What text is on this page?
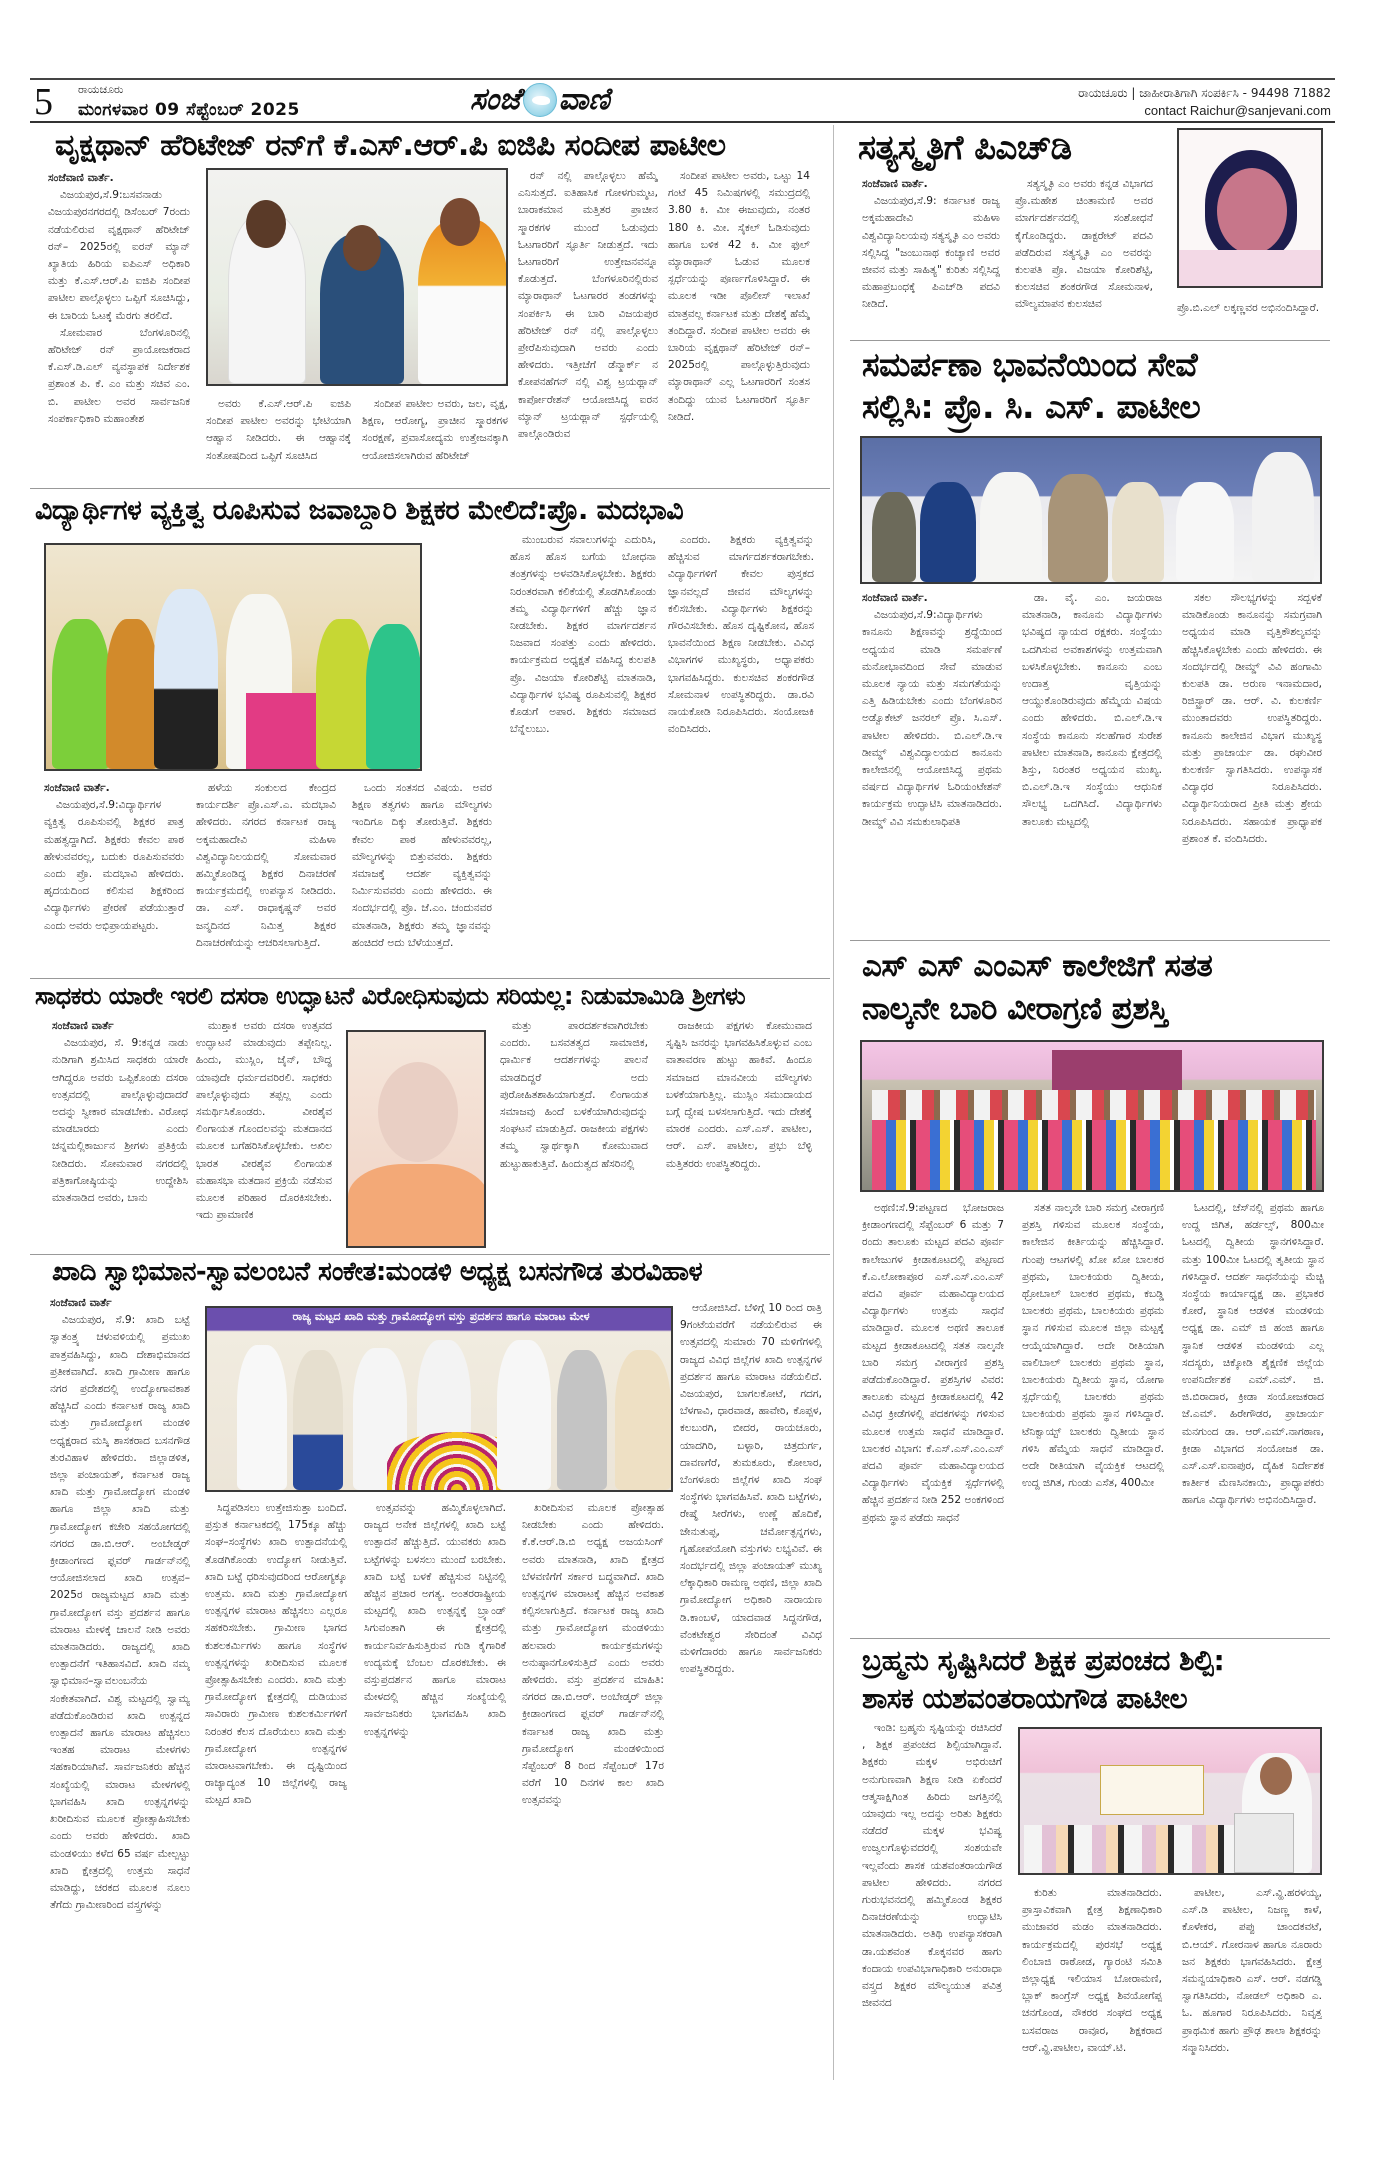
5 ರಾಯಚೂರು
ಮಂಗಳವಾರ 09 ಸೆಪ್ಟೆಂಬರ್ 2025	ಸಂಜೆ ವಾಣಿ	ರಾಯಚೂರು | ಜಾಹೀರಾತಿಗಾಗಿ ಸಂಪರ್ಕಿಸಿ - 94498 71882
contact Raichur@sanjevani.com
ವೃಕ್ಷಥಾನ್ ಹೆರಿಟೇಜ್ ರನ್‌ಗೆ ಕೆ.ಎಸ್.ಆರ್.ಪಿ ಐಜಿಪಿ ಸಂದೀಪ ಪಾಟೀಲ
ಸಂಜೆವಾಣಿ ವಾರ್ತೆ.

ವಿಜಯಪುರ,ಸೆ.9:ಬಸವನಾಡು ವಿಜಯಪುರನಗರದಲ್ಲಿ ಡಿಸೆಂಬರ್ 7ರಂದು ನಡೆಯಲಿರುವ ವೃಕ್ಷಥಾನ್ ಹೆರಿಟೇಜ್ ರನ್– 2025ರಲ್ಲಿ ಐರನ್ ಮ್ಯಾನ್ ಖ್ಯಾತಿಯ ಹಿರಿಯ ಐಪಿಎಸ್ ಅಧಿಕಾರಿ ಮತ್ತು ಕೆ.ಎಸ್.ಆರ್.ಪಿ ಐಜಿಪಿ ಸಂದೀಪ ಪಾಟೀಲ ಪಾಲ್ಗೊಳ್ಳಲು ಒಪ್ಪಿಗೆ ಸೂಚಿಸಿದ್ದು, ಈ ಬಾರಿಯ ಓಟಕ್ಕೆ ಮೆರಗು ತರಲಿದೆ.

ಸೋಮವಾರ ಬೆಂಗಳೂರಿನಲ್ಲಿ ಹೆರಿಟೇಜ್ ರನ್ ಪ್ರಾಯೋಜಕರಾದ ಕೆ.ಎಸ್.ಡಿ.ಎಲ್ ವ್ಯವಸ್ಥಾಪಕ ನಿರ್ದೇಶಕ ಪ್ರಶಾಂತ ಪಿ. ಕೆ. ಎಂ ಮತ್ತು ಸಚಿವ ಎಂ. ಬಿ. ಪಾಟೀಲ ಅವರ ಸಾರ್ವಜನಿಕ ಸಂಪರ್ಕಾಧಿಕಾರಿ ಮಹಾಂತೇಶ

ಅವರು ಕೆ.ಎಸ್.ಆರ್.ಪಿ ಐಜಿಪಿ ಸಂದೀಪ ಪಾಟೀಲ ಅವರನ್ನು ಭೇಟಿಯಾಗಿ ಆಹ್ವಾನ ನೀಡಿದರು. ಈ ಆಹ್ವಾನಕ್ಕೆ ಸಂತೋಷದಿಂದ ಒಪ್ಪಿಗೆ ಸೂಚಿಸಿದ

ಸಂದೀಪ ಪಾಟೀಲ ಅವರು, ಜಲ, ವೃಕ್ಷ, ಶಿಕ್ಷಣ, ಆರೋಗ್ಯ, ಪ್ರಾಚೀನ ಸ್ಮಾರಕಗಳ ಸಂರಕ್ಷಣೆ, ಪ್ರವಾಸೋದ್ಯಮ ಉತ್ತೇಜನಕ್ಕಾಗಿ ಆಯೋಜಿಸಲಾಗಿರುವ ಹೆರಿಟೇಜ್

ರನ್ ನಲ್ಲಿ ಪಾಲ್ಗೊಳ್ಳಲು ಹೆಮ್ಮೆ ಎನಿಸುತ್ತದೆ. ಐತಿಹಾಸಿಕ ಗೋಳಗುಮ್ಮಟ, ಬಾರಾಕಮಾನ ಮತ್ತಿತರ ಪ್ರಾಚೀನ ಸ್ಮಾರಕಗಳ ಮುಂದೆ ಓಡುವುದು ಓಟಗಾರರಿಗೆ ಸ್ಫೂರ್ತಿ ನೀಡುತ್ತದೆ. ಇದು ಓಟಗಾರರಿಗೆ ಉತ್ತೇಜನವನ್ನೂ ಕೊಡುತ್ತದೆ. ಬೆಂಗಳೂರಿನಲ್ಲಿರುವ ಮ್ಯಾರಾಥಾನ್ ಓಟಗಾರರ ತಂಡಗಳನ್ನು ಸಂಪರ್ಕಿಸಿ ಈ ಬಾರಿ ವಿಜಯಪುರ ಹೆರಿಟೇಜ್ ರನ್ ನಲ್ಲಿ ಪಾಲ್ಗೊಳ್ಳಲು ಪ್ರೇರೆಪಿಸುವುದಾಗಿ ಅವರು ಎಂದು ಹೇಳಿದರು. ಇತ್ತೀಚೆಗೆ ಡೆನ್ಮಾರ್ಕ್ ನ ಕೋಪನಹೆಗನ್ ನಲ್ಲಿ ವಿಶ್ವ ಟ್ರಯಥ್ಲಾನ್ ಕಾರ್ಪೋರೇಶನ್ ಆಯೋಜಿಸಿದ್ದ ಐರನ ಮ್ಯಾನ್ ಟ್ರಯಥ್ಲಾನ್ ಸ್ಪರ್ಧೆಯಲ್ಲಿ ಪಾಲ್ಗೊಂಡಿರುವ

ಸಂದೀಪ ಪಾಟೀಲ ಅವರು, ಒಟ್ಟು 14 ಗಂಟೆ 45 ನಿಮಿಷಗಳಲ್ಲಿ ಸಮುದ್ರದಲ್ಲಿ 3.80 ಕಿ. ಮೀ ಈಜುವುದು, ನಂತರ 180 ಕಿ. ಮೀ. ಸೈಕಲ್ ಓಡಿಸುವುದು ಹಾಗೂ ಬಳಿಕ 42 ಕಿ. ಮೀ ಫುಲ್ ಮ್ಯಾರಾಥಾನ್ ಓಡುವ ಮೂಲಕ ಸ್ಪರ್ಧೆಯನ್ನು ಪೂರ್ಣಗೊಳಿಸಿದ್ದಾರೆ. ಈ ಮೂಲಕ ಇಡೀ ಪೊಲೀಸ್ ಇಲಾಖೆ ಮಾತ್ರವಲ್ಲ ಕರ್ನಾಟಕ ಮತ್ತು ದೇಶಕ್ಕೆ ಹೆಮ್ಮೆ ತಂದಿದ್ದಾರೆ. ಸಂದೀಪ ಪಾಟೀಲ ಅವರು ಈ ಬಾರಿಯ ವೃಕ್ಷಥಾನ್ ಹೆರಿಟೇಜ್ ರನ್– 2025ರಲ್ಲಿ ಪಾಲ್ಗೊಳ್ಳುತ್ತಿರುವುದು ಮ್ಯಾರಾಥಾನ್ ಎಲ್ಲ ಓಟಗಾರರಿಗೆ ಸಂತಸ ತಂದಿದ್ದು ಯುವ ಓಟಗಾರರಿಗೆ ಸ್ಫೂರ್ತಿ ನೀಡಿದೆ.

ಸತ್ಯಸ್ಮೃತಿಗೆ ಪಿಎಚ್‌ಡಿ
ಸಂಜೆವಾಣಿ ವಾರ್ತೆ.

ವಿಜಯಪುರ,ಸೆ.9: ಕರ್ನಾಟಕ ರಾಜ್ಯ ಅಕ್ಕಮಹಾದೇವಿ ಮಹಿಳಾ ವಿಶ್ವವಿದ್ಯಾನಿಲಯವು ಸತ್ಯಸ್ಮೃತಿ ಎಂ ಅವರು ಸಲ್ಲಿಸಿದ್ದ "ಜಂಬುನಾಥ ಕಂಚ್ಯಾಣಿ ಅವರ ಜೀವನ ಮತ್ತು ಸಾಹಿತ್ಯ" ಕುರಿತು ಸಲ್ಲಿಸಿದ್ದ ಮಹಾಪ್ರಬಂಧಕ್ಕೆ ಪಿಎಚ್‌ಡಿ ಪದವಿ ನೀಡಿದೆ.

ಸತ್ಯಸ್ಮೃತಿ ಎಂ ಅವರು ಕನ್ನಡ ವಿಭಾಗದ ಪ್ರೊ.ಮಹೇಶ ಚಿಂತಾಮಣಿ ಅವರ ಮಾರ್ಗದರ್ಶನದಲ್ಲಿ ಸಂಶೋಧನೆ ಕೈಗೊಂಡಿದ್ದರು. ಡಾಕ್ಟರೇಟ್ ಪದವಿ ಪಡೆದಿರುವ ಸತ್ಯಸ್ಮೃತಿ ಎಂ ಅವರನ್ನು ಕುಲಪತಿ ಪ್ರೊ. ವಿಜಯಾ ಕೋರಿಶೆಟ್ಟಿ, ಕುಲಸಚಿವ ಶಂಕರಗೌಡ ಸೋಮನಾಳ, ಮೌಲ್ಯಮಾಪನ ಕುಲಸಚಿವ	ಪ್ರೊ.ಬಿ.ಎಲ್ ಲಕ್ಕಣ್ಣವರ ಅಭಿನಂದಿಸಿದ್ದಾರೆ.
ಸಮರ್ಪಣಾ ಭಾವನೆಯಿಂದ ಸೇವೆ
ಸಲ್ಲಿಸಿ: ಪ್ರೊ. ಸಿ. ಎಸ್. ಪಾಟೀಲ
ಸಂಜೆವಾಣಿ ವಾರ್ತೆ.

ವಿಜಯಪುರ,ಸೆ.9:ವಿದ್ಯಾರ್ಥಿಗಳು ಕಾನೂನು ಶಿಕ್ಷಣವನ್ನು ಶ್ರದ್ಧೆಯಿಂದ ಅಧ್ಯಯನ ಮಾಡಿ ಸಮರ್ಪಣೆ ಮನೋಭಾವದಿಂದ ಸೇವೆ ಮಾಡುವ ಮೂಲಕ ನ್ಯಾಯ ಮತ್ತು ಸಮಗತೆಯನ್ನು ಎತ್ತಿ ಹಿಡಿಯಬೇಕು ಎಂದು ಬೆಂಗಳೂರಿನ ಅಡ್ವೊಕೇಟ್ ಜನರಲ್ ಪ್ರೊ. ಸಿ.ಎಸ್. ಪಾಟೀಲ ಹೇಳಿದರು. ಬಿ.ಎಲ್.ಡಿ.ಇ ಡೀಮ್ಡ್ ವಿಶ್ವವಿದ್ಯಾಲಯದ ಕಾನೂನು ಕಾಲೇಜಿನಲ್ಲಿ ಆಯೋಜಿಸಿದ್ದ ಪ್ರಥಮ ವರ್ಷದ ವಿದ್ಯಾರ್ಥಿಗಳ ಓರಿಯಂಟೇಶನ್ ಕಾರ್ಯಕ್ರಮ ಉದ್ಘಾಟಿಸಿ ಮಾತನಾಡಿದರು. ಡೀಮ್ಡ್ ವಿವಿ ಸಮಕುಲಾಧಿಪತಿ

ಡಾ. ವೈ. ಎಂ. ಜಯರಾಜ ಮಾತನಾಡಿ, ಕಾನೂನು ವಿದ್ಯಾರ್ಥಿಗಳು ಭವಿಷ್ಯದ ನ್ಯಾಯದ ರಕ್ಷಕರು. ಸಂಸ್ಥೆಯು ಒದಗಿಸುವ ಅವಕಾಶಗಳನ್ನು ಉತ್ತಮವಾಗಿ ಬಳಸಿಕೊಳ್ಳಬೇಕು. ಕಾನೂನು ಎಂಬ ಉದಾತ್ತ ವೃತ್ತಿಯನ್ನು ಆಯ್ದುಕೊಂಡಿರುವುದು ಹೆಮ್ಮೆಯ ವಿಷಯ ಎಂದು ಹೇಳಿದರು. ಬಿ.ಎಲ್.ಡಿ.ಇ ಸಂಸ್ಥೆಯ ಕಾನೂನು ಸಲಹೆಗಾರ ಸುರೇಶ ಪಾಟೀಲ ಮಾತನಾಡಿ, ಕಾನೂನು ಕ್ಷೇತ್ರದಲ್ಲಿ ಶಿಸ್ತು, ನಿರಂತರ ಅಧ್ಯಯನ ಮುಖ್ಯ. ಬಿ.ಎಲ್.ಡಿ.ಇ ಸಂಸ್ಥೆಯು ಆಧುನಿಕ ಸೌಲಭ್ಯ ಒದಗಿಸಿದೆ. ವಿದ್ಯಾರ್ಥಿಗಳು ತಾಲೂಕು ಮಟ್ಟದಲ್ಲಿ

ಸಕಲ ಸೌಲಭ್ಯಗಳನ್ನು ಸದ್ಬಳಕೆ ಮಾಡಿಕೊಂಡು ಕಾನೂನನ್ನು ಸಮಗ್ರವಾಗಿ ಅಧ್ಯಯನ ಮಾಡಿ ವೃತ್ತಿಕೌಶಲ್ಯವನ್ನು ಹೆಚ್ಚಿಸಿಕೊಳ್ಳಬೇಕು ಎಂದು ಹೇಳಿದರು. ಈ ಸಂದರ್ಭದಲ್ಲಿ ಡೀಮ್ಡ್ ವಿವಿ ಹಂಗಾಮಿ ಕುಲಪತಿ ಡಾ. ಅರುಣ ಇನಾಮದಾರ, ರಿಜಿಸ್ಟ್ರಾರ್ ಡಾ. ಆರ್. ವಿ. ಕುಲಕರ್ಣಿ ಮುಂತಾದವರು ಉಪಸ್ಥಿತರಿದ್ದರು. ಕಾನೂನು ಕಾಲೇಜಿನ ವಿಭಾಗ ಮುಖ್ಯಸ್ಥ ಮತ್ತು ಪ್ರಾಚಾರ್ಯ ಡಾ. ರಘುವೀರ ಕುಲಕರ್ಣಿ ಸ್ವಾಗತಿಸಿದರು. ಉಪನ್ಯಾಸಕ ವಿದ್ಯಾಧರ ನಿರೂಪಿಸಿದರು. ವಿದ್ಯಾರ್ಥಿನಿಯರಾದ ಪ್ರೀತಿ ಮತ್ತು ಶ್ರೇಯ ನಿರೂಪಿಸಿದರು. ಸಹಾಯಕ ಪ್ರಾಧ್ಯಾಪಕ ಪ್ರಶಾಂತ ಕೆ. ವಂದಿಸಿದರು.

ವಿದ್ಯಾರ್ಥಿಗಳ ವ್ಯಕ್ತಿತ್ವ ರೂಪಿಸುವ ಜವಾಬ್ದಾರಿ ಶಿಕ್ಷಕರ ಮೇಲಿದೆ:ಪ್ರೊ. ಮದಭಾವಿ
ಸಂಜೆವಾಣಿ ವಾರ್ತೆ.

ವಿಜಯಪುರ,ಸೆ.9:ವಿದ್ಯಾರ್ಥಿಗಳ ವ್ಯಕ್ತಿತ್ವ ರೂಪಿಸುವಲ್ಲಿ ಶಿಕ್ಷಕರ ಪಾತ್ರ ಮಹತ್ವದ್ದಾಗಿದೆ. ಶಿಕ್ಷಕರು ಕೇವಲ ಪಾಠ ಹೇಳುವವರಲ್ಲ, ಬದುಕು ರೂಪಿಸುವವರು ಎಂದು ಪ್ರೊ. ಮದಭಾವಿ ಹೇಳಿದರು. ಹೃದಯದಿಂದ ಕಲಿಸುವ ಶಿಕ್ಷಕರಿಂದ ವಿದ್ಯಾರ್ಥಿಗಳು ಪ್ರೇರಣೆ ಪಡೆಯುತ್ತಾರೆ ಎಂದು ಅವರು ಅಭಿಪ್ರಾಯಪಟ್ಟರು.

ಹಳೆಯ ಸಂಕುಲದ ಕೇಂದ್ರದ ಕಾರ್ಯದರ್ಶಿ ಪ್ರೊ.ಎಸ್.ಎ. ಮದಭಾವಿ ಹೇಳಿದರು. ನಗರದ ಕರ್ನಾಟಕ ರಾಜ್ಯ ಅಕ್ಕಮಹಾದೇವಿ ಮಹಿಳಾ ವಿಶ್ವವಿದ್ಯಾನಿಲಯದಲ್ಲಿ ಸೋಮವಾರ ಹಮ್ಮಿಕೊಂಡಿದ್ದ ಶಿಕ್ಷಕರ ದಿನಾಚರಣೆ ಕಾರ್ಯಕ್ರಮದಲ್ಲಿ ಉಪನ್ಯಾಸ ನೀಡಿದರು. ಡಾ. ಎಸ್. ರಾಧಾಕೃಷ್ಣನ್ ಅವರ ಜನ್ಮದಿನದ ನಿಮಿತ್ತ ಶಿಕ್ಷಕರ ದಿನಾಚರಣೆಯನ್ನು ಆಚರಿಸಲಾಗುತ್ತಿದೆ.

ಒಂದು ಸಂತಸದ ವಿಷಯ. ಅವರ ಶಿಕ್ಷಣ ತತ್ವಗಳು ಹಾಗೂ ಮೌಲ್ಯಗಳು ಇಂದಿಗೂ ದಿಕ್ಕು ತೋರುತ್ತಿವೆ. ಶಿಕ್ಷಕರು ಕೇವಲ ಪಾಠ ಹೇಳುವವರಲ್ಲ, ಮೌಲ್ಯಗಳನ್ನು ಬಿತ್ತುವವರು. ಶಿಕ್ಷಕರು ಸಮಾಜಕ್ಕೆ ಆದರ್ಶ ವ್ಯಕ್ತಿತ್ವವನ್ನು ನಿರ್ಮಿಸುವವರು ಎಂದು ಹೇಳಿದರು. ಈ ಸಂದರ್ಭದಲ್ಲಿ ಪ್ರೊ. ಜೆ.ಎಂ. ಚಂದುನವರ ಮಾತನಾಡಿ, ಶಿಕ್ಷಕರು ತಮ್ಮ ಜ್ಞಾನವನ್ನು ಹಂಚಿದರೆ ಅದು ಬೆಳೆಯುತ್ತದೆ.

ಮುಂಬರುವ ಸವಾಲುಗಳನ್ನು ಎದುರಿಸಿ, ಹೊಸ ಹೊಸ ಬಗೆಯ ಬೋಧನಾ ತಂತ್ರಗಳನ್ನು ಅಳವಡಿಸಿಕೊಳ್ಳಬೇಕು. ಶಿಕ್ಷಕರು ನಿರಂತರವಾಗಿ ಕಲಿಕೆಯಲ್ಲಿ ತೊಡಗಿಸಿಕೊಂಡು ತಮ್ಮ ವಿದ್ಯಾರ್ಥಿಗಳಿಗೆ ಹೆಚ್ಚು ಜ್ಞಾನ ನೀಡಬೇಕು. ಶಿಕ್ಷಕರ ಮಾರ್ಗದರ್ಶನ ನಿಜವಾದ ಸಂಪತ್ತು ಎಂದು ಹೇಳಿದರು. ಕಾರ್ಯಕ್ರಮದ ಅಧ್ಯಕ್ಷತೆ ವಹಿಸಿದ್ದ ಕುಲಪತಿ ಪ್ರೊ. ವಿಜಯಾ ಕೋರಿಶೆಟ್ಟಿ ಮಾತನಾಡಿ, ವಿದ್ಯಾರ್ಥಿಗಳ ಭವಿಷ್ಯ ರೂಪಿಸುವಲ್ಲಿ ಶಿಕ್ಷಕರ ಕೊಡುಗೆ ಅಪಾರ. ಶಿಕ್ಷಕರು ಸಮಾಜದ ಬೆನ್ನೆಲುಬು.

ಎಂದರು. ಶಿಕ್ಷಕರು ವ್ಯಕ್ತಿತ್ವವನ್ನು ಹೆಚ್ಚಿಸುವ ಮಾರ್ಗದರ್ಶಕರಾಗಬೇಕು. ವಿದ್ಯಾರ್ಥಿಗಳಿಗೆ ಕೇವಲ ಪುಸ್ತಕದ ಜ್ಞಾನವಲ್ಲದೆ ಜೀವನ ಮೌಲ್ಯಗಳನ್ನು ಕಲಿಸಬೇಕು. ವಿದ್ಯಾರ್ಥಿಗಳು ಶಿಕ್ಷಕರನ್ನು ಗೌರವಿಸಬೇಕು. ಹೊಸ ದೃಷ್ಟಿಕೋನ, ಹೊಸ ಭಾವನೆಯಿಂದ ಶಿಕ್ಷಣ ನೀಡಬೇಕು. ವಿವಿಧ ವಿಭಾಗಗಳ ಮುಖ್ಯಸ್ಥರು, ಅಧ್ಯಾಪಕರು ಭಾಗವಹಿಸಿದ್ದರು. ಕುಲಸಚಿವ ಶಂಕರಗೌಡ ಸೋಮನಾಳ ಉಪಸ್ಥಿತರಿದ್ದರು. ಡಾ.ರವಿ ನಾಯಕೋಡಿ ನಿರೂಪಿಸಿದರು. ಸಂಯೋಜಕಿ ವಂದಿಸಿದರು.

ಸಾಧಕರು ಯಾರೇ ಇರಲಿ ದಸರಾ ಉದ್ಘಾಟನೆ ವಿರೋಧಿಸುವುದು ಸರಿಯಲ್ಲ: ನಿಡುಮಾಮಿಡಿ ಶ್ರೀಗಳು
ಸಂಜೆವಾಣಿ ವಾರ್ತೆ

ವಿಜಯಪುರ, ಸೆ. 9:ಕನ್ನಡ ನಾಡು ನುಡಿಗಾಗಿ ಶ್ರಮಿಸಿದ ಸಾಧಕರು ಯಾರೇ ಆಗಿದ್ದರೂ ಅವರು ಒಪ್ಪಿಕೊಂಡು ದಸರಾ ಉತ್ಸವದಲ್ಲಿ ಪಾಲ್ಗೊಳ್ಳುವುದಾದರೆ ಅದನ್ನು ಸ್ವೀಕಾರ ಮಾಡಬೇಕು. ವಿರೋಧ ಮಾಡಬಾರದು ಎಂದು ಚನ್ನಮಲ್ಲಿಕಾರ್ಜುನ ಶ್ರೀಗಳು ಪ್ರತಿಕ್ರಿಯೆ ನೀಡಿದರು. ಸೋಮವಾರ ನಗರದಲ್ಲಿ ಪತ್ರಿಕಾಗೋಷ್ಠಿಯನ್ನು ಉದ್ದೇಶಿಸಿ ಮಾತನಾಡಿದ ಅವರು, ಬಾನು

ಮುಶ್ತಾಕ ಅವರು ದಸರಾ ಉತ್ಸವದ ಉದ್ಘಾಟನೆ ಮಾಡುವುದು ತಪ್ಪೇನಿಲ್ಲ. ಹಿಂದು, ಮುಸ್ಲಿಂ, ಜೈನ್, ಬೌದ್ಧ ಯಾವುದೇ ಧರ್ಮದವರಿರಲಿ. ಸಾಧಕರು ಪಾಲ್ಗೊಳ್ಳುವುದು ತಪ್ಪಲ್ಲ ಎಂದು ಸಮರ್ಥಿಸಿಕೊಂಡರು. ವೀರಶೈವ ಲಿಂಗಾಯತ ಗೊಂದಲವನ್ನು ಮತದಾನದ ಮೂಲಕ ಬಗೆಹರಿಸಿಕೊಳ್ಳಬೇಕು. ಅಖಿಲ ಭಾರತ ವೀರಶೈವ ಲಿಂಗಾಯತ ಮಹಾಸಭಾ ಮತದಾನ ಪ್ರಕ್ರಿಯೆ ನಡೆಸುವ ಮೂಲಕ ಪರಿಹಾರ ದೊರಕಿಸಬೇಕು. ಇದು ಪ್ರಾಮಾಣಿಕ

ಮತ್ತು ಪಾರದರ್ಶಕವಾಗಿರಬೇಕು ಎಂದರು. ಬಸವತತ್ವದ ಸಾಮಾಜಿಕ, ಧಾರ್ಮಿಕ ಆದರ್ಶಗಳನ್ನು ಪಾಲನೆ ಮಾಡದಿದ್ದರೆ ಅದು ಪುರೋಹಿತಶಾಹಿಯಾಗುತ್ತದೆ. ಲಿಂಗಾಯತ ಸಮಾಜವು ಹಿಂದೆ ಬಳಕೆಯಾಗಿರುವುದನ್ನು ಸಂಘಟನೆ ಮಾಡುತ್ತಿದೆ. ರಾಜಕೀಯ ಪಕ್ಷಗಳು ತಮ್ಮ ಸ್ವಾರ್ಥಕ್ಕಾಗಿ ಕೋಮುವಾದ ಹುಟ್ಟುಹಾಕುತ್ತಿವೆ. ಹಿಂದುತ್ವದ ಹೆಸರಿನಲ್ಲಿ

ರಾಜಕೀಯ ಪಕ್ಷಗಳು ಕೋಮುವಾದ ಸೃಷ್ಟಿಸಿ ಜನರನ್ನು ಭಾಗವಹಿಸಿಕೊಳ್ಳುವ ಎಂಬ ವಾತಾವರಣ ಹುಟ್ಟು ಹಾಕಿವೆ. ಹಿಂದೂ ಸಮಾಜದ ಮಾನವೀಯ ಮೌಲ್ಯಗಳು ಬಳಕೆಯಾಗುತ್ತಿಲ್ಲ. ಮುಸ್ಲಿಂ ಸಮುದಾಯದ ಬಗ್ಗೆ ದ್ವೇಷ ಬಳಸಲಾಗುತ್ತಿದೆ. ಇದು ದೇಶಕ್ಕೆ ಮಾರಕ ಎಂದರು. ಎಸ್.ಎಸ್. ಪಾಟೀಲ, ಆರ್. ಎಸ್. ಪಾಟೀಲ, ಪ್ರಭು ಬೆಳ್ಳಿ ಮತ್ತಿತರರು ಉಪಸ್ಥಿತರಿದ್ದರು.

ಖಾದಿ ಸ್ವಾಭಿಮಾನ-ಸ್ವಾವಲಂಬನೆ ಸಂಕೇತ:ಮಂಡಳಿ ಅಧ್ಯಕ್ಷ ಬಸನಗೌಡ ತುರವಿಹಾಳ
ಸಂಜೆವಾಣಿ ವಾರ್ತೆ

ವಿಜಯಪುರ, ಸೆ.9: ಖಾದಿ ಬಟ್ಟೆ ಸ್ವಾತಂತ್ರ್ಯ ಚಳುವಳಿಯಲ್ಲಿ ಪ್ರಮುಖ ಪಾತ್ರವಹಿಸಿದ್ದು, ಖಾದಿ ದೇಶಾಭಿಮಾನದ ಪ್ರತೀಕವಾಗಿದೆ. ಖಾದಿ ಗ್ರಾಮೀಣ ಹಾಗೂ ನಗರ ಪ್ರದೇಶದಲ್ಲಿ ಉದ್ಯೋಗಾವಕಾಶ ಹೆಚ್ಚಿಸಿದೆ ಎಂದು ಕರ್ನಾಟಕ ರಾಜ್ಯ ಖಾದಿ ಮತ್ತು ಗ್ರಾಮೋದ್ಯೋಗ ಮಂಡಳಿ ಅಧ್ಯಕ್ಷರಾದ ಮಸ್ಕಿ ಶಾಸಕರಾದ ಬಸನಗೌಡ ತುರವಿಹಾಳ ಹೇಳಿದರು. ಜಿಲ್ಲಾಡಳಿತ, ಜಿಲ್ಲಾ ಪಂಚಾಯತ್, ಕರ್ನಾಟಕ ರಾಜ್ಯ ಖಾದಿ ಮತ್ತು ಗ್ರಾಮೋದ್ಯೋಗ ಮಂಡಳಿ ಹಾಗೂ ಜಿಲ್ಲಾ ಖಾದಿ ಮತ್ತು ಗ್ರಾಮೋದ್ಯೋಗ ಕಚೇರಿ ಸಹಯೋಗದಲ್ಲಿ ನಗರದ ಡಾ.ಬಿ.ಆರ್. ಅಂಬೇಡ್ಕರ್ ಕ್ರೀಡಾಂಗಣದ ಫ್ಲವರ್ ಗಾರ್ಡನ್‌ನಲ್ಲಿ ಆಯೋಜಿಸಲಾದ ಖಾದಿ ಉತ್ಸವ–2025ರ ರಾಜ್ಯಮಟ್ಟದ ಖಾದಿ ಮತ್ತು ಗ್ರಾಮೋದ್ಯೋಗ ವಸ್ತು ಪ್ರದರ್ಶನ ಹಾಗೂ ಮಾರಾಟ ಮೇಳಕ್ಕೆ ಚಾಲನೆ ನೀಡಿ ಅವರು ಮಾತನಾಡಿದರು. ರಾಜ್ಯದಲ್ಲಿ ಖಾದಿ ಉತ್ಪಾದನೆಗೆ ಇತಿಹಾಸವಿದೆ. ಖಾದಿ ನಮ್ಮ ಸ್ವಾಭಿಮಾನ–ಸ್ವಾವಲಂಬನೆಯ ಸಂಕೇತವಾಗಿದೆ. ವಿಶ್ವ ಮಟ್ಟದಲ್ಲಿ ಸ್ವಾಮ್ಯ ಪಡೆದುಕೊಂಡಿರುವ ಖಾದಿ ಉತ್ಪನ್ನದ ಉತ್ಪಾದನೆ ಹಾಗೂ ಮಾರಾಟ ಹೆಚ್ಚಿಸಲು ಇಂತಹ ಮಾರಾಟ ಮೇಳಗಳು ಸಹಕಾರಿಯಾಗಿವೆ. ಸಾರ್ವಜನಿಕರು ಹೆಚ್ಚಿನ ಸಂಖ್ಯೆಯಲ್ಲಿ ಮಾರಾಟ ಮೇಳಗಳಲ್ಲಿ ಭಾಗವಹಿಸಿ ಖಾದಿ ಉತ್ಪನ್ನಗಳನ್ನು ಖರೀದಿಸುವ ಮೂಲಕ ಪ್ರೋತ್ಸಾಹಿಸಬೇಕು ಎಂದು ಅವರು ಹೇಳಿದರು. ಖಾದಿ ಮಂಡಳಿಯು ಕಳೆದ 65 ವರ್ಷ ಮೇಲ್ಪಟ್ಟು ಖಾದಿ ಕ್ಷೇತ್ರದಲ್ಲಿ ಉತ್ತಮ ಸಾಧನೆ ಮಾಡಿದ್ದು, ಚರಕದ ಮೂಲಕ ನೂಲು ತೆಗೆದು ಗ್ರಾಮೀಣರಿಂದ ವಸ್ತ್ರಗಳನ್ನು

ರಾಜ್ಯ ಮಟ್ಟದ ಖಾದಿ ಮತ್ತು ಗ್ರಾಮೋದ್ಯೋಗ ವಸ್ತು ಪ್ರದರ್ಶನ ಹಾಗೂ ಮಾರಾಟ ಮೇಳ

ಸಿದ್ಧಪಡಿಸಲು ಉತ್ತೇಜಿಸುತ್ತಾ ಬಂದಿದೆ. ಪ್ರಸ್ತುತ ಕರ್ನಾಟಕದಲ್ಲಿ 175ಕ್ಕೂ ಹೆಚ್ಚು ಸಂಘ–ಸಂಸ್ಥೆಗಳು ಖಾದಿ ಉತ್ಪಾದನೆಯಲ್ಲಿ ತೊಡಗಿಕೊಂಡು ಉದ್ಯೋಗ ನೀಡುತ್ತಿವೆ. ಖಾದಿ ಬಟ್ಟೆ ಧರಿಸುವುದರಿಂದ ಆರೋಗ್ಯಕ್ಕೂ ಉತ್ತಮ. ಖಾದಿ ಮತ್ತು ಗ್ರಾಮೋದ್ಯೋಗ ಉತ್ಪನ್ನಗಳ ಮಾರಾಟ ಹೆಚ್ಚಿಸಲು ಎಲ್ಲರೂ ಸಹಕರಿಸಬೇಕು. ಗ್ರಾಮೀಣ ಭಾಗದ ಕುಶಲಕರ್ಮಿಗಳು ಹಾಗೂ ಸಂಸ್ಥೆಗಳ ಉತ್ಪನ್ನಗಳನ್ನು ಖರೀದಿಸುವ ಮೂಲಕ ಪ್ರೋತ್ಸಾಹಿಸಬೇಕು ಎಂದರು. ಖಾದಿ ಮತ್ತು ಗ್ರಾಮೋದ್ಯೋಗ ಕ್ಷೇತ್ರದಲ್ಲಿ ದುಡಿಯುವ ಸಾವಿರಾರು ಗ್ರಾಮೀಣ ಕುಶಲಕರ್ಮಿಗಳಿಗೆ ನಿರಂತರ ಕೆಲಸ ದೊರೆಯಲು ಖಾದಿ ಮತ್ತು ಗ್ರಾಮೋದ್ಯೋಗ ಉತ್ಪನ್ನಗಳ ಮಾರಾಟವಾಗಬೇಕು. ಈ ದೃಷ್ಟಿಯಿಂದ ರಾಜ್ಯಾದ್ಯಂತ 10 ಜಿಲ್ಲೆಗಳಲ್ಲಿ ರಾಜ್ಯ ಮಟ್ಟದ ಖಾದಿ

ಉತ್ಸವವನ್ನು ಹಮ್ಮಿಕೊಳ್ಳಲಾಗಿದೆ. ರಾಜ್ಯದ ಅನೇಕ ಜಿಲ್ಲೆಗಳಲ್ಲಿ ಖಾದಿ ಬಟ್ಟೆ ಉತ್ಪಾದನೆ ಹೆಚ್ಚುತ್ತಿದೆ. ಯುವಕರು ಖಾದಿ ಬಟ್ಟೆಗಳನ್ನು ಬಳಸಲು ಮುಂದೆ ಬರಬೇಕು. ಖಾದಿ ಬಟ್ಟೆ ಬಳಕೆ ಹೆಚ್ಚಿಸುವ ನಿಟ್ಟಿನಲ್ಲಿ ಹೆಚ್ಚಿನ ಪ್ರಚಾರ ಅಗತ್ಯ. ಅಂತರರಾಷ್ಟ್ರೀಯ ಮಟ್ಟದಲ್ಲಿ ಖಾದಿ ಉತ್ಪನ್ನಕ್ಕೆ ಬ್ರ್ಯಾಂಡ್ ಸಿಗುವಂತಾಗಿ ಈ ಕ್ಷೇತ್ರದಲ್ಲಿ ಕಾರ್ಯನಿರ್ವಹಿಸುತ್ತಿರುವ ಗುಡಿ ಕೈಗಾರಿಕೆ ಉದ್ಯಮಕ್ಕೆ ಬೆಂಬಲ ದೊರಕಬೇಕು. ಈ ವಸ್ತುಪ್ರದರ್ಶನ ಹಾಗೂ ಮಾರಾಟ ಮೇಳದಲ್ಲಿ ಹೆಚ್ಚಿನ ಸಂಖ್ಯೆಯಲ್ಲಿ ಸಾರ್ವಜನಿಕರು ಭಾಗವಹಿಸಿ ಖಾದಿ ಉತ್ಪನ್ನಗಳನ್ನು

ಖರೀದಿಸುವ ಮೂಲಕ ಪ್ರೋತ್ಸಾಹ ನೀಡಬೇಕು ಎಂದು ಹೇಳಿದರು. ಕೆ.ಕೆ.ಆರ್.ಡಿ.ಬಿ ಅಧ್ಯಕ್ಷ ಅಜಯಸಿಂಗ್ ಅವರು ಮಾತನಾಡಿ, ಖಾದಿ ಕ್ಷೇತ್ರದ ಬೆಳವಣಿಗೆಗೆ ಸರ್ಕಾರ ಬದ್ಧವಾಗಿದೆ. ಖಾದಿ ಉತ್ಪನ್ನಗಳ ಮಾರಾಟಕ್ಕೆ ಹೆಚ್ಚಿನ ಅವಕಾಶ ಕಲ್ಪಿಸಲಾಗುತ್ತಿದೆ. ಕರ್ನಾಟಕ ರಾಜ್ಯ ಖಾದಿ ಮತ್ತು ಗ್ರಾಮೋದ್ಯೋಗ ಮಂಡಳಿಯು ಹಲವಾರು ಕಾರ್ಯಕ್ರಮಗಳನ್ನು ಅನುಷ್ಠಾನಗೊಳಿಸುತ್ತಿದೆ ಎಂದು ಅವರು ಹೇಳಿದರು. ವಸ್ತು ಪ್ರದರ್ಶನ ಮಾಹಿತಿ: ನಗರದ ಡಾ.ಬಿ.ಆರ್. ಅಂಬೇಡ್ಕರ್ ಜಿಲ್ಲಾ ಕ್ರೀಡಾಂಗಣದ ಫ್ಲವರ್ ಗಾರ್ಡನ್‌ನಲ್ಲಿ ಕರ್ನಾಟಕ ರಾಜ್ಯ ಖಾದಿ ಮತ್ತು ಗ್ರಾಮೋದ್ಯೋಗ ಮಂಡಳಿಯಿಂದ ಸೆಪ್ಟೆಂಬರ್ 8 ರಿಂದ ಸೆಪ್ಟೆಂಬರ್ 17ರ ವರೆಗೆ 10 ದಿನಗಳ ಕಾಲ ಖಾದಿ ಉತ್ಸವವನ್ನು

ಆಯೋಜಿಸಿದೆ. ಬೆಳಿಗ್ಗೆ 10 ರಿಂದ ರಾತ್ರಿ 9ಗಂಟೆಯವರೆಗೆ ನಡೆಯಲಿರುವ ಈ ಉತ್ಸವದಲ್ಲಿ ಸುಮಾರು 70 ಮಳಿಗೆಗಳಲ್ಲಿ ರಾಜ್ಯದ ವಿವಿಧ ಜಿಲ್ಲೆಗಳ ಖಾದಿ ಉತ್ಪನ್ನಗಳ ಪ್ರದರ್ಶನ ಹಾಗೂ ಮಾರಾಟ ನಡೆಯಲಿದೆ. ವಿಜಯಪುರ, ಬಾಗಲಕೋಟೆ, ಗದಗ, ಬೆಳಗಾವಿ, ಧಾರವಾಡ, ಹಾವೇರಿ, ಕೊಪ್ಪಳ, ಕಲಬುರಗಿ, ಬೀದರ, ರಾಯಚೂರು, ಯಾದಗಿರಿ, ಬಳ್ಳಾರಿ, ಚಿತ್ರದುರ್ಗ, ದಾವಣಗೆರೆ, ತುಮಕೂರು, ಕೋಲಾರ, ಬೆಂಗಳೂರು ಜಿಲ್ಲೆಗಳ ಖಾದಿ ಸಂಘ ಸಂಸ್ಥೆಗಳು ಭಾಗವಹಿಸಿವೆ. ಖಾದಿ ಬಟ್ಟೆಗಳು, ರೇಷ್ಮೆ ಸೀರೆಗಳು, ಉಣ್ಣೆ ಹೊದಿಕೆ, ಜೇನುತುಪ್ಪ, ಚರ್ಮೋತ್ಪನ್ನಗಳು, ಗೃಹೋಪಯೋಗಿ ವಸ್ತುಗಳು ಲಭ್ಯವಿವೆ. ಈ ಸಂದರ್ಭದಲ್ಲಿ ಜಿಲ್ಲಾ ಪಂಚಾಯತ್ ಮುಖ್ಯ ಲೆಕ್ಕಾಧಿಕಾರಿ ರಾಮಣ್ಣ ಅಥಣಿ, ಜಿಲ್ಲಾ ಖಾದಿ ಗ್ರಾಮೋದ್ಯೋಗ ಅಧಿಕಾರಿ ನಾರಾಯಣ ಡಿ.ಕಾಂಬಳೆ, ಯಾದವಾಡ ಸಿದ್ದನಗೌಡ, ವೆಂಕಟೇಶ್ವರ ಸೇರಿದಂತೆ ವಿವಿಧ ಮಳಿಗೆದಾರರು ಹಾಗೂ ಸಾರ್ವಜನಿಕರು ಉಪಸ್ಥಿತರಿದ್ದರು.

ಎಸ್ ಎಸ್ ಎಂಎಸ್ ಕಾಲೇಜಿಗೆ ಸತತ
ನಾಲ್ಕನೇ ಬಾರಿ ವೀರಾಗ್ರಣಿ ಪ್ರಶಸ್ತಿ

ಅಥಣಿ:ಸೆ.9:ಪಟ್ಟಣದ ಭೋಜರಾಜ ಕ್ರೀಡಾಂಗಣದಲ್ಲಿ ಸೆಪ್ಟೆಂಬರ್ 6 ಮತ್ತು 7 ರಂದು ತಾಲೂಕು ಮಟ್ಟದ ಪದವಿ ಪೂರ್ವ ಕಾಲೇಜುಗಳ ಕ್ರೀಡಾಕೂಟದಲ್ಲಿ ಪಟ್ಟಣದ ಕೆ.ಎ.ಲೋಕಾಪೂರ ಎಸ್.ಎಸ್.ಎಂ.ಎಸ್ ಪದವಿ ಪೂರ್ವ ಮಹಾವಿದ್ಯಾಲಯದ ವಿದ್ಯಾರ್ಥಿಗಳು ಉತ್ತಮ ಸಾಧನೆ ಮಾಡಿದ್ದಾರೆ. ಮೂಲಕ ಅಥಣಿ ತಾಲೂಕ ಮಟ್ಟದ ಕ್ರೀಡಾಕೂಟದಲ್ಲಿ ಸತತ ನಾಲ್ಕನೇ ಬಾರಿ ಸಮಗ್ರ ವೀರಾಗ್ರಣಿ ಪ್ರಶಸ್ತಿ ಪಡೆದುಕೊಂಡಿದ್ದಾರೆ. ಪ್ರಶಸ್ತಿಗಳ ವಿವರ: ತಾಲೂಕು ಮಟ್ಟದ ಕ್ರೀಡಾಕೂಟದಲ್ಲಿ 42 ವಿವಿಧ ಕ್ರೀಡೆಗಳಲ್ಲಿ ಪದಕಗಳನ್ನು ಗಳಿಸುವ ಮೂಲಕ ಉತ್ತಮ ಸಾಧನೆ ಮಾಡಿದ್ದಾರೆ. ಬಾಲಕರ ವಿಭಾಗ: ಕೆ.ಎಸ್.ಎಸ್.ಎಂ.ಎಸ್ ಪದವಿ ಪೂರ್ವ ಮಹಾವಿದ್ಯಾಲಯದ ವಿದ್ಯಾರ್ಥಿಗಳು ವೈಯಕ್ತಿಕ ಸ್ಪರ್ಧೆಗಳಲ್ಲಿ ಹೆಚ್ಚಿನ ಪ್ರದರ್ಶನ ನೀಡಿ 252 ಅಂಕಗಳಿಂದ ಪ್ರಥಮ ಸ್ಥಾನ ಪಡೆದು ಸಾಧನೆ

ಸತತ ನಾಲ್ಕನೇ ಬಾರಿ ಸಮಗ್ರ ವೀರಾಗ್ರಣಿ ಪ್ರಶಸ್ತಿ ಗಳಿಸುವ ಮೂಲಕ ಸಂಸ್ಥೆಯ, ಕಾಲೇಜಿನ ಕೀರ್ತಿಯನ್ನು ಹೆಚ್ಚಿಸಿದ್ದಾರೆ. ಗುಂಪು ಆಟಗಳಲ್ಲಿ ಖೋ ಖೋ ಬಾಲಕರ ಪ್ರಥಮ, ಬಾಲಕಿಯರು ದ್ವಿತೀಯ, ಥ್ರೋಬಾಲ್ ಬಾಲಕರ ಪ್ರಥಮ, ಕಬಡ್ಡಿ ಬಾಲಕರು ಪ್ರಥಮ, ಬಾಲಕಿಯರು ಪ್ರಥಮ ಸ್ಥಾನ ಗಳಿಸುವ ಮೂಲಕ ಜಿಲ್ಲಾ ಮಟ್ಟಕ್ಕೆ ಆಯ್ಕೆಯಾಗಿದ್ದಾರೆ. ಅದೇ ರೀತಿಯಾಗಿ ವಾಲಿಬಾಲ್ ಬಾಲಕರು ಪ್ರಥಮ ಸ್ಥಾನ, ಬಾಲಕಿಯರು ದ್ವಿತೀಯ ಸ್ಥಾನ, ಯೋಗಾ ಸ್ಪರ್ಧೆಯಲ್ಲಿ ಬಾಲಕರು ಪ್ರಥಮ ಬಾಲಕಿಯರು ಪ್ರಥಮ ಸ್ಥಾನ ಗಳಿಸಿದ್ದಾರೆ. ಟೆನಿಕ್ವಾಯ್ಟ್ ಬಾಲಕರು ದ್ವಿತೀಯ ಸ್ಥಾನ ಗಳಿಸಿ ಹೆಮ್ಮೆಯ ಸಾಧನೆ ಮಾಡಿದ್ದಾರೆ. ಅದೇ ರೀತಿಯಾಗಿ ವೈಯಕ್ತಿಕ ಆಟದಲ್ಲಿ ಉದ್ದ ಜಿಗಿತ, ಗುಂಡು ಎಸೆತ, 400ಮೀ

ಓಟದಲ್ಲಿ, ಚೆಸ್‌ನಲ್ಲಿ ಪ್ರಥಮ ಹಾಗೂ ಉದ್ದ ಜಿಗಿತ, ಹರ್ಡಲ್ಸ್, 800ಮೀ ಓಟದಲ್ಲಿ ದ್ವಿತೀಯ ಸ್ಥಾನಗಳಿಸಿದ್ದಾರೆ. ಮತ್ತು 100ಮೀ ಓಟದಲ್ಲಿ ತೃತೀಯ ಸ್ಥಾನ ಗಳಿಸಿದ್ದಾರೆ. ಆದರ್ಶ ಸಾಧನೆಯನ್ನು ಮೆಚ್ಚಿ ಸಂಸ್ಥೆಯ ಕಾರ್ಯಾಧ್ಯಕ್ಷ ಡಾ. ಪ್ರಭಾಕರ ಕೋರೆ, ಸ್ಥಾನಿಕ ಆಡಳಿತ ಮಂಡಳಿಯ ಅಧ್ಯಕ್ಷ ಡಾ. ಎಮ್ ಜಿ ಹಂಜಿ ಹಾಗೂ ಸ್ಥಾನಿಕ ಆಡಳಿತ ಮಂಡಳಿಯ ಎಲ್ಲ ಸದಸ್ಯರು, ಚಿಕ್ಕೋಡಿ ಶೈಕ್ಷಣಿಕ ಜಿಲ್ಲೆಯ ಉಪನಿರ್ದೇಶಕ ಎಮ್.ಎಮ್. ಜಿ. ಜಿ.ಬಿರಾದಾರ, ಕ್ರೀಡಾ ಸಂಯೋಜಕರಾದ ಜೆ.ಎಮ್. ಹಿರೇಗೌಡರ, ಪ್ರಾಚಾರ್ಯ ಮನಗುಂದ ಡಾ. ಆರ್.ಎಮ್.ನಾಗಠಾಣ, ಕ್ರೀಡಾ ವಿಭಾಗದ ಸಂಯೋಜಕ ಡಾ. ಎಸ್.ಎಸ್.ಐನಾಪುರ, ದೈಹಿಕ ನಿರ್ದೇಶಕ ಕಾರ್ತೀಕ ಮೆಣಸಿನಕಾಯಿ, ಪ್ರಾಧ್ಯಾಪಕರು ಹಾಗೂ ವಿದ್ಯಾರ್ಥಿಗಳು ಅಭಿನಂದಿಸಿದ್ದಾರೆ.

ಬ್ರಹ್ಮನು ಸೃಷ್ಟಿಸಿದರೆ ಶಿಕ್ಷಕ ಪ್ರಪಂಚದ ಶಿಲ್ಪಿ:
ಶಾಸಕ ಯಶವಂತರಾಯಗೌಡ ಪಾಟೀಲ

ಇಂಡಿ: ಬ್ರಹ್ಮನು ಸೃಷ್ಟಿಯನ್ನು ರಚಿಸಿದರೆ , ಶಿಕ್ಷಕ ಪ್ರಪಂಚದ ಶಿಲ್ಪಿಯಾಗಿದ್ದಾನೆ. ಶಿಕ್ಷಕರು ಮಕ್ಕಳ ಅಭಿರುಚಿಗೆ ಅನುಗುಣವಾಗಿ ಶಿಕ್ಷಣ ನೀಡಿ ಏಕೆಂದರೆ ಆತ್ಮಸಾಕ್ಷಿಗಿಂತ ಹಿರಿದು ಜಗತ್ತಿನಲ್ಲಿ ಯಾವುದು ಇಲ್ಲ ಅದನ್ನು ಅರಿತು ಶಿಕ್ಷಕರು ನಡೆದರೆ ಮಕ್ಕಳ ಭವಿಷ್ಯ ಉಜ್ವಲಗೊಳ್ಳುವದರಲ್ಲಿ ಸಂಶಯವೇ ಇಲ್ಲವೆಂದು ಶಾಸಕ ಯಶವಂತರಾಯಗೌಡ ಪಾಟೀಲ ಹೇಳಿದರು. ನಗರದ ಗುರುಭವನದಲ್ಲಿ ಹಮ್ಮಿಕೊಂಡ ಶಿಕ್ಷಕರ ದಿನಾಚರಣೆಯನ್ನು ಉದ್ಘಾಟಿಸಿ ಮಾತನಾಡಿದರು. ಅತಿಥಿ ಉಪನ್ಯಾಸಕರಾಗಿ ಡಾ.ಯಶವಂತ ಕೊಕ್ಕನವರ ಹಾಗು ಕಂದಾಯ ಉಪವಿಭಾಗಾಧಿಕಾರಿ ಅನುರಾಧಾ ವಸ್ತ್ರದ ಶಿಕ್ಷಕರ ಮೌಲ್ಯಯುತ ಪವಿತ್ರ ಜೀವನದ

ಕುರಿತು ಮಾತನಾಡಿದರು. ಪ್ರಾಸ್ತಾವಿಕವಾಗಿ ಕ್ಷೇತ್ರ ಶಿಕ್ಷಣಾಧಿಕಾರಿ ಮುಜಾವರ ಮಡಂ ಮಾತನಾಡಿದರು. ಕಾರ್ಯಕ್ರಮದಲ್ಲಿ ಪುರಸಭೆ ಅಧ್ಯಕ್ಷ ಲಿಂಬಾಜಿ ರಾಠೋಡ, ಗ್ಯಾರಂಟಿ ಸಮಿತಿ ಜಿಲ್ಲಾಧ್ಯಕ್ಷ ಇಲಿಯಾಸ ಬೋರಾಮಣಿ, ಬ್ಲಾಕ್ ಕಾಂಗ್ರೆಸ್ ಅಧ್ಯಕ್ಷ ಶಿವಯೋಗೆಪ್ಪ ಚನಗೊಂಡ, ನೌಕರರ ಸಂಘದ ಅಧ್ಯಕ್ಷ ಬಸವರಾಜ ರಾವೂರ, ಶಿಕ್ಷಕರಾದ ಆರ್.ವ್ಹಿ.ಪಾಟೀಲ, ವಾಯ್.ಟಿ.

ಪಾಟೀಲ, ಎಸ್.ವ್ಹಿ.ಹರಳಯ್ಯ, ಎಸ್.ಡಿ ಪಾಟೀಲ, ನಿಜಣ್ಣ ಕಾಳೆ, ಕೊಳೇಕರ, ಪಪ್ಪು ಚಾಂದಕವಟೆ, ಬಿ.ಆಯ್. ಗೋರನಾಳ ಹಾಗೂ ನೂರಾರು ಜನ ಶಿಕ್ಷಕರು ಭಾಗವಹಿಸಿದರು. ಕ್ಷೇತ್ರ ಸಮನ್ವಯಾಧಿಕಾರಿ ಎಸ್. ಆರ್. ನಡಗಡ್ಡಿ ಸ್ವಾಗತಿಸಿದರು, ನೋಡಲ್ ಅಧಿಕಾರಿ ಎ. ಓ. ಹೂಗಾರ ನಿರೂಪಿಸಿದರು. ನಿವೃತ್ತ ಪ್ರಾಥಮಿಕ ಹಾಗು ಪ್ರೌಢ ಶಾಲಾ ಶಿಕ್ಷಕರನ್ನು ಸನ್ಮಾನಿಸಿದರು.
